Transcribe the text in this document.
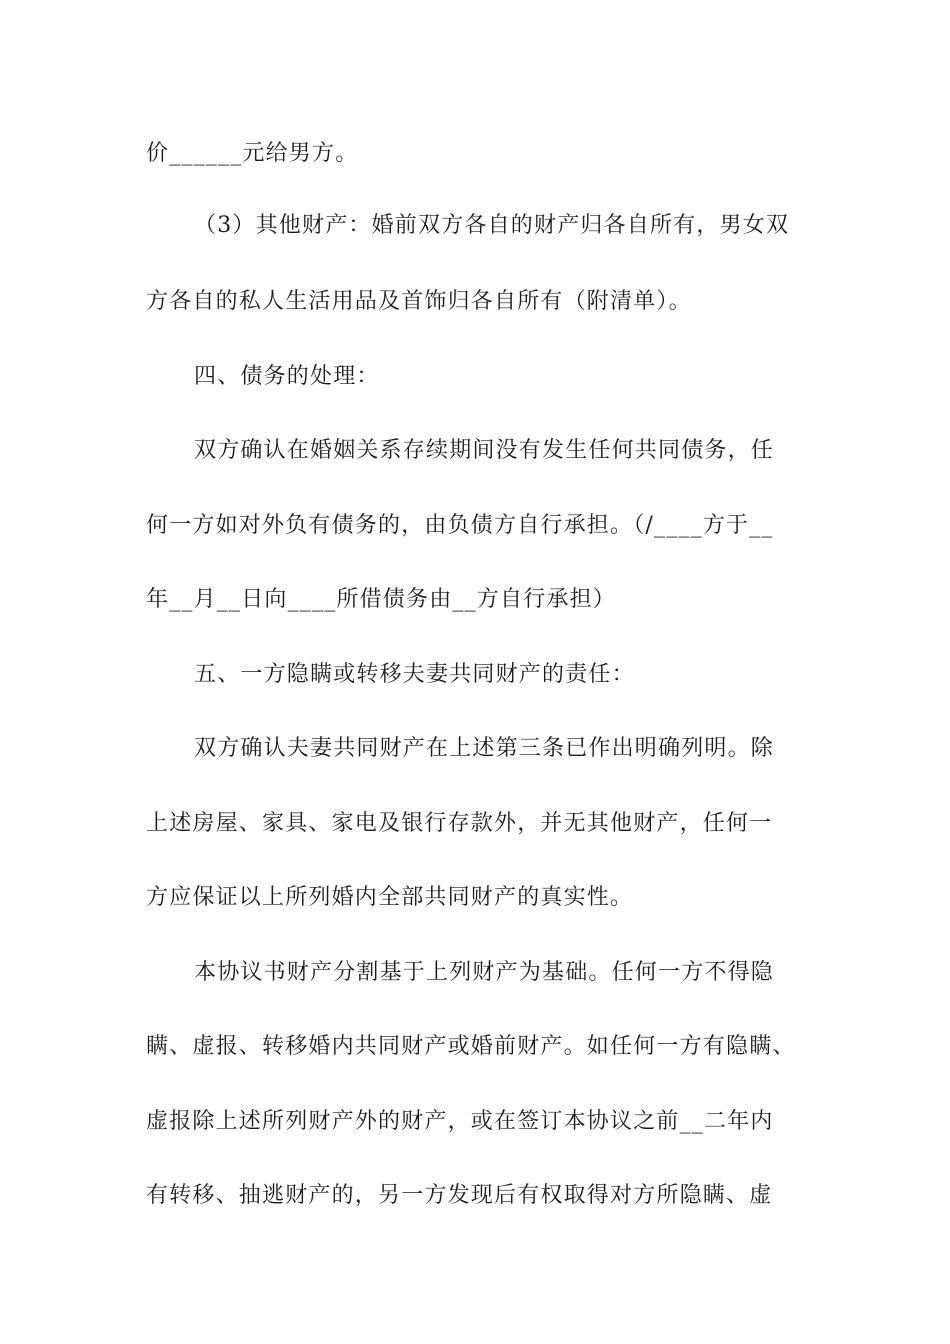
价______元给男方。
（3）其他财产：婚前双方各自的财产归各自所有，男女双
方各自的私人生活用品及首饰归各自所有（附清单）。
四、债务的处理：
双方确认在婚姻关系存续期间没有发生任何共同债务，任
何一方如对外负有债务的，由负债方自行承担。（/____方于__
年__月__日向____所借债务由__方自行承担）
五、一方隐瞒或转移夫妻共同财产的责任：
双方确认夫妻共同财产在上述第三条已作出明确列明。除
上述房屋、家具、家电及银行存款外，并无其他财产，任何一
方应保证以上所列婚内全部共同财产的真实性。
本协议书财产分割基于上列财产为基础。任何一方不得隐
瞒、虚报、转移婚内共同财产或婚前财产。如任何一方有隐瞒、
虚报除上述所列财产外的财产，或在签订本协议之前__二年内
有转移、抽逃财产的，另一方发现后有权取得对方所隐瞒、虚
